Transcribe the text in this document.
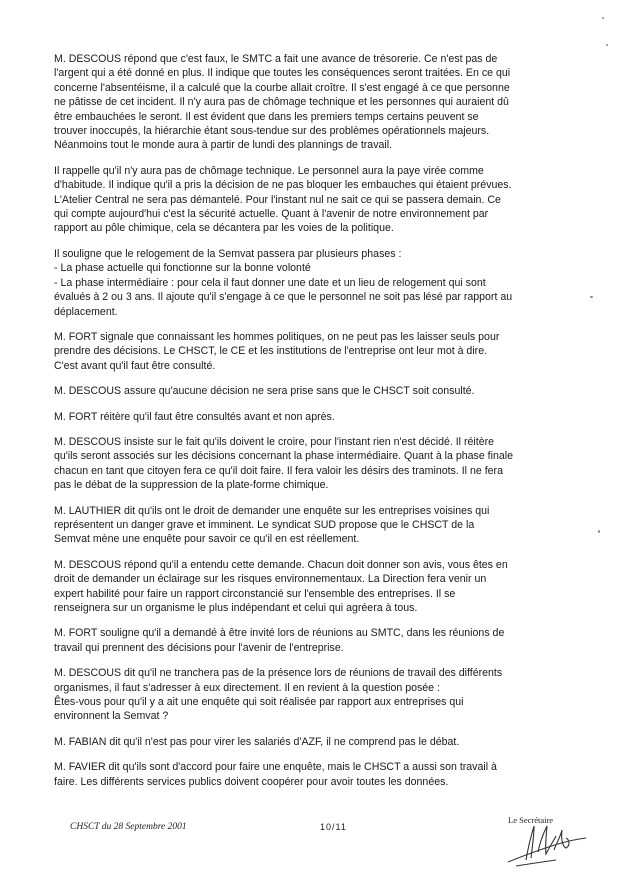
M. DESCOUS répond que c'est faux, le SMTC a fait une avance de trésorerie. Ce n'est pas de
l'argent qui a été donné en plus. Il indique que toutes les conséquences seront traitées. En ce qui
concerne l'absentéisme, il a calculé que la courbe allait croître. Il s'est engagé à ce que personne
ne pâtisse de cet incident. Il n'y aura pas de chômage technique et les personnes qui auraient dû
être embauchées le seront. Il est évident que dans les premiers temps certains peuvent se
trouver inoccupés, la hiérarchie étant sous-tendue sur des problèmes opérationnels majeurs.
Néanmoins tout le monde aura à partir de lundi des plannings de travail.
Il rappelle qu'il n'y aura pas de chômage technique. Le personnel aura la paye virée comme
d'habitude. Il indique qu'il a pris la décision de ne pas bloquer les embauches qui étaient prévues.
L'Atelier Central ne sera pas démantelé. Pour l'instant nul ne sait ce qui se passera demain. Ce
qui compte aujourd'hui c'est la sécurité actuelle. Quant à l'avenir de notre environnement par
rapport au pôle chimique, cela se décantera par les voies de la politique.
Il souligne que le relogement de la Semvat passera par plusieurs phases :
- La phase actuelle qui fonctionne sur la bonne volonté
- La phase intermédiaire : pour cela il faut donner une date et un lieu de relogement qui sont
évalués à 2 ou 3 ans. Il ajoute qu'il s'engage à ce que le personnel ne soit pas lésé par rapport au
déplacement.
M. FORT signale que connaissant les hommes politiques, on ne peut pas les laisser seuls pour
prendre des décisions. Le CHSCT, le CE et les institutions de l'entreprise ont leur mot à dire.
C'est avant qu'il faut être consulté.
M. DESCOUS assure qu'aucune décision ne sera prise sans que le CHSCT soit consulté.
M. FORT réitère qu'il faut être consultés avant et non après.
M. DESCOUS insiste sur le fait qu'ils doivent le croire, pour l'instant rien n'est décidé. Il réitère
qu'ils seront associés sur les décisions concernant la phase intermédiaire. Quant à la phase finale
chacun en tant que citoyen fera ce qu'il doit faire. Il fera valoir les désirs des traminots. Il ne fera
pas le débat de la suppression de la plate-forme chimique.
M. LAUTHIER dit qu'ils ont le droit de demander une enquête sur les entreprises voisines qui
représentent un danger grave et imminent. Le syndicat SUD propose que le CHSCT de la
Semvat mène une enquête pour savoir ce qu'il en est réellement.
M. DESCOUS répond qu'il a entendu cette demande. Chacun doit donner son avis, vous êtes en
droit de demander un éclairage sur les risques environnementaux. La Direction fera venir un
expert habilité pour faire un rapport circonstancié sur l'ensemble des entreprises. Il se
renseignera sur un organisme le plus indépendant et celui qui agréera à tous.
M. FORT souligne qu'il a demandé à être invité lors de réunions au SMTC, dans les réunions de
travail qui prennent des décisions pour l'avenir de l'entreprise.
M. DESCOUS dit qu'il ne tranchera pas de la présence lors de réunions de travail des différents
organismes, il faut s'adresser à eux directement. Il en revient à la question posée :
Êtes-vous pour qu'il y a ait une enquête qui soit réalisée par rapport aux entreprises qui
environnent la Semvat ?
M. FABIAN dit qu'il n'est pas pour virer les salariés d'AZF, il ne comprend pas le débat.
M. FAVIER dit qu'ils sont d'accord pour faire une enquête, mais le CHSCT a aussi son travail à
faire. Les différents services publics doivent coopérer pour avoir toutes les données.
CHSCT du 28 Septembre 2001	10/11
Le Secrétaire
